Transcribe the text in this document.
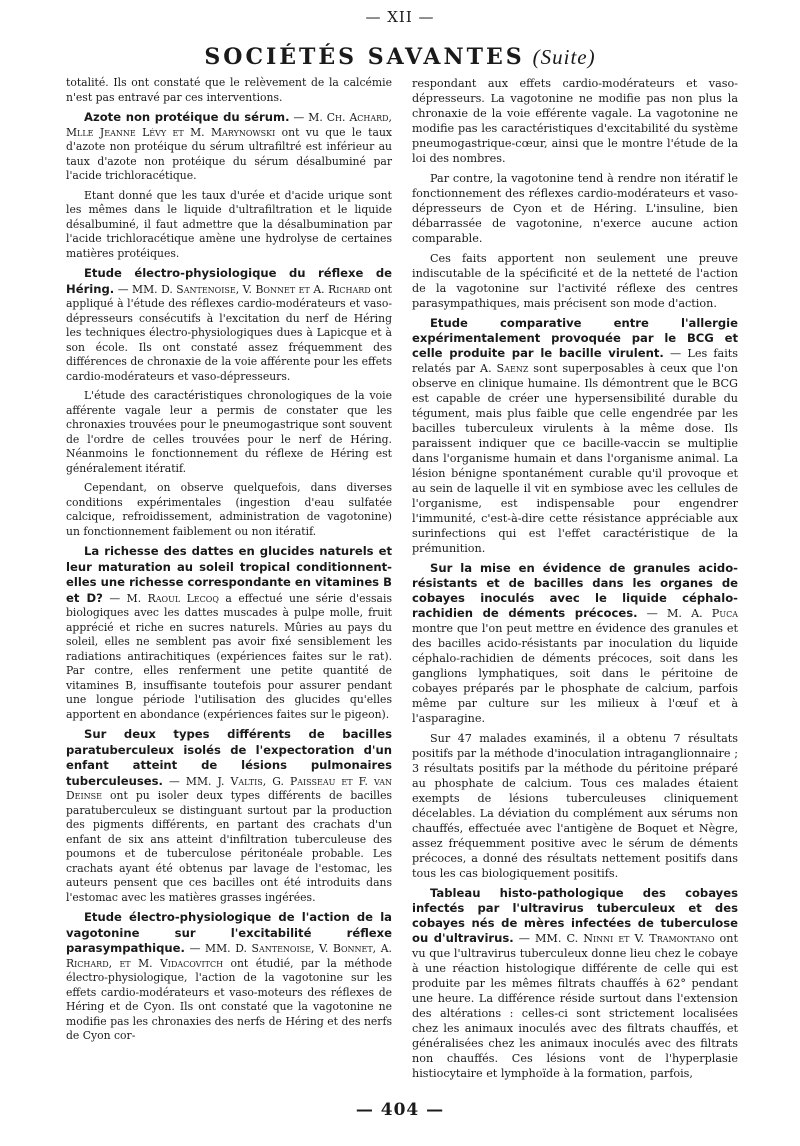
— XII —
SOCIÉTÉS SAVANTES (Suite)

totalité. Ils ont constaté que le relèvement de la calcémie n'est pas entravé par ces interventions.

Azote non protéique du sérum. — M. Ch. Achard, Mlle Jeanne Lévy et M. Marynowski ont vu que le taux d'azote non protéique du sérum ultrafiltré est inférieur au taux d'azote non protéique du sérum désalbuminé par l'acide trichloracétique.

Etant donné que les taux d'urée et d'acide urique sont les mêmes dans le liquide d'ultrafiltration et le liquide désalbuminé, il faut admettre que la désalbumination par l'acide trichloracétique amène une hydrolyse de certaines matières protéiques.

Etude électro-physiologique du réflexe de Héring. — MM. D. Santenoise, V. Bonnet et A. Richard ont appliqué à l'étude des réflexes cardio-modérateurs et vaso-dépresseurs consécutifs à l'excitation du nerf de Héring les techniques électro-physiologiques dues à Lapicque et à son école. Ils ont constaté assez fréquemment des différences de chronaxie de la voie afférente pour les effets cardio-modérateurs et vaso-dépresseurs.

L'étude des caractéristiques chronologiques de la voie afférente vagale leur a permis de constater que les chronaxies trouvées pour le pneumogastrique sont souvent de l'ordre de celles trouvées pour le nerf de Héring. Néanmoins le fonctionnement du réflexe de Héring est généralement itératif.

Cependant, on observe quelquefois, dans diverses conditions expérimentales (ingestion d'eau sulfatée calcique, refroidissement, administration de vagotonine) un fonctionnement faiblement ou non itératif.

La richesse des dattes en glucides naturels et leur maturation au soleil tropical conditionnent-elles une richesse correspondante en vitamines B et D? — M. Raoul Lecoq a effectué une série d'essais biologiques avec les dattes muscades à pulpe molle, fruit apprécié et riche en sucres naturels. Mûries au pays du soleil, elles ne semblent pas avoir fixé sensiblement les radiations antirachitiques (expériences faites sur le rat). Par contre, elles renferment une petite quantité de vitamines B, insuffisante toutefois pour assurer pendant une longue période l'utilisation des glucides qu'elles apportent en abondance (expériences faites sur le pigeon).

Sur deux types différents de bacilles paratuberculeux isolés de l'expectoration d'un enfant atteint de lésions pulmonaires tuberculeuses. — MM. J. Valtis, G. Paisseau et F. van Deinse ont pu isoler deux types différents de bacilles paratuberculeux se distinguant surtout par la production des pigments différents, en partant des crachats d'un enfant de six ans atteint d'infiltration tuberculeuse des poumons et de tuberculose péritonéale probable. Les crachats ayant été obtenus par lavage de l'estomac, les auteurs pensent que ces bacilles ont été introduits dans l'estomac avec les matières grasses ingérées.

Etude électro-physiologique de l'action de la vagotonine sur l'excitabilité réflexe parasympathique. — MM. D. Santenoise, V. Bonnet, A. Richard, et M. Vidacovitch ont étudié, par la méthode électro-physiologique, l'action de la vagotonine sur les effets cardio-modérateurs et vaso-moteurs des réflexes de Héring et de Cyon. Ils ont constaté que la vagotonine ne modifie pas les chronaxies des nerfs de Héring et des nerfs de Cyon cor-

respondant aux effets cardio-modérateurs et vaso-dépresseurs. La vagotonine ne modifie pas non plus la chronaxie de la voie efférente vagale. La vagotonine ne modifie pas les caractéristiques d'excitabilité du système pneumogastrique-cœur, ainsi que le montre l'étude de la loi des nombres.

Par contre, la vagotonine tend à rendre non itératif le fonctionnement des réflexes cardio-modérateurs et vaso-dépresseurs de Cyon et de Héring. L'insuline, bien débarrassée de vagotonine, n'exerce aucune action comparable.

Ces faits apportent non seulement une preuve indiscutable de la spécificité et de la netteté de l'action de la vagotonine sur l'activité réflexe des centres parasympathiques, mais précisent son mode d'action.

Etude comparative entre l'allergie expérimentalement provoquée par le BCG et celle produite par le bacille virulent. — Les faits relatés par A. Saenz sont superposables à ceux que l'on observe en clinique humaine. Ils démontrent que le BCG est capable de créer une hypersensibilité durable du tégument, mais plus faible que celle engendrée par les bacilles tuberculeux virulents à la même dose. Ils paraissent indiquer que ce bacille-vaccin se multiplie dans l'organisme humain et dans l'organisme animal. La lésion bénigne spontanément curable qu'il provoque et au sein de laquelle il vit en symbiose avec les cellules de l'organisme, est indispensable pour engendrer l'immunité, c'est-à-dire cette résistance appréciable aux surinfections qui est l'effet caractéristique de la prémunition.

Sur la mise en évidence de granules acido-résistants et de bacilles dans les organes de cobayes inoculés avec le liquide céphalo-rachidien de déments précoces. — M. A. Puca montre que l'on peut mettre en évidence des granules et des bacilles acido-résistants par inoculation du liquide céphalo-rachidien de déments précoces, soit dans les ganglions lymphatiques, soit dans le péritoine de cobayes préparés par le phosphate de calcium, parfois même par culture sur les milieux à l'œuf et à l'asparagine.

Sur 47 malades examinés, il a obtenu 7 résultats positifs par la méthode d'inoculation intraganglionnaire ; 3 résultats positifs par la méthode du péritoine préparé au phosphate de calcium. Tous ces malades étaient exempts de lésions tuberculeuses cliniquement décelables. La déviation du complément aux sérums non chauffés, effectuée avec l'antigène de Boquet et Nègre, assez fréquemment positive avec le sérum de déments précoces, a donné des résultats nettement positifs dans tous les cas biologiquement positifs.

Tableau histo-pathologique des cobayes infectés par l'ultravirus tuberculeux et des cobayes nés de mères infectées de tuberculose ou d'ultravirus. — MM. C. Ninni et V. Tramontano ont vu que l'ultravirus tuberculeux donne lieu chez le cobaye à une réaction histologique différente de celle qui est produite par les mêmes filtrats chauffés à 62° pendant une heure. La différence réside surtout dans l'extension des altérations : celles-ci sont strictement localisées chez les animaux inoculés avec des filtrats chauffés, et généralisées chez les animaux inoculés avec des filtrats non chauffés. Ces lésions vont de l'hyperplasie histiocytaire et lymphoïde à la formation, parfois,

— 404 —
